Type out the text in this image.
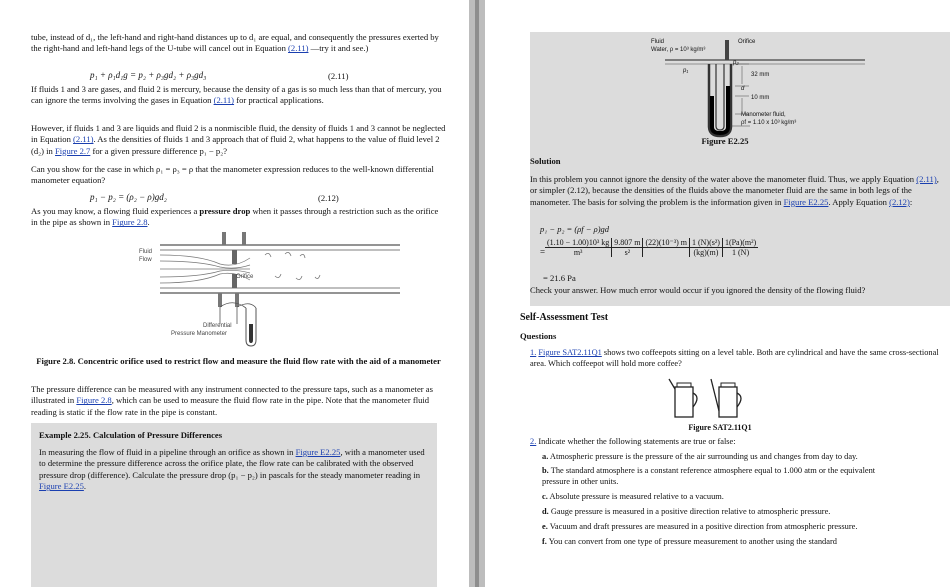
tube, instead of d₁, the left-hand and right-hand distances up to d₁ are equal, and consequently the pressures exerted by the right-hand and left-hand legs of the U-tube will cancel out in Equation (2.11) —try it and see.)
p₁ + ρ₁d₁g = p₂ + ρ₃gd₂ + ρ₃gd₃	(2.11)
If fluids 1 and 3 are gases, and fluid 2 is mercury, because the density of a gas is so much less than that of mercury, you can ignore the terms involving the gases in Equation (2.11) for practical applications.
However, if fluids 1 and 3 are liquids and fluid 2 is a nonmiscible fluid, the density of fluids 1 and 3 cannot be neglected in Equation (2.11). As the densities of fluids 1 and 3 approach that of fluid 2, what happens to the value of fluid level 2 (d₂) in Figure 2.7 for a given pressure difference p₁ − p₂?
Can you show for the case in which ρ₁ = ρ₃ = ρ that the manometer expression reduces to the well-known differential manometer equation?
p₁ − p₂ = (ρ₂ − ρ)gd₂	(2.12)
As you may know, a flowing fluid experiences a pressure drop when it passes through a restriction such as the orifice in the pipe as shown in Figure 2.8.
Fluid
Flow
Orifice
Differential
Pressure Manometer
Figure 2.8. Concentric orifice used to restrict flow and measure the fluid flow rate with the aid of a manometer
The pressure difference can be measured with any instrument connected to the pressure taps, such as a manometer as illustrated in Figure 2.8, which can be used to measure the fluid flow rate in the pipe. Note that the manometer fluid reading is static if the flow rate in the pipe is constant.
Example 2.25. Calculation of Pressure Differences
In measuring the flow of fluid in a pipeline through an orifice as shown in Figure E2.25, with a manometer used to determine the pressure difference across the orifice plate, the flow rate can be calibrated with the observed pressure drop (difference). Calculate the pressure drop (p₁ − p₂) in pascals for the steady manometer reading in Figure E2.25.
Fluid
Water, ρ = 10³ kg/m³
Orifice
p₁
p₂
32 mm
d
10 mm
Manometer fluid,
ρf = 1.10 x 10³ kg/m³
Figure E2.25
Solution
In this problem you cannot ignore the density of the water above the manometer fluid. Thus, we apply Equation (2.11), or simpler (2.12), because the densities of the fluids above the manometer fluid are the same in both legs of the manometer. The basis for solving the problem is the information given in Figure E2.25. Apply Equation (2.12):
p₁ − p₂ = (ρf − ρ)gd
=
(1.10 − 1.00)10³ kg	9.807 m	(22)(10⁻³) m	1 (N)(s²)	1(Pa)(m²)
m³	s²		(kg)(m)	1 (N)
= 21.6 Pa
Check your answer. How much error would occur if you ignored the density of the flowing fluid?
Self-Assessment Test
Questions
1. Figure SAT2.11Q1 shows two coffeepots sitting on a level table. Both are cylindrical and have the same cross-sectional area. Which coffeepot will hold more coffee?
Figure SAT2.11Q1
2. Indicate whether the following statements are true or false:
a. Atmospheric pressure is the pressure of the air surrounding us and changes from day to day.
b. The standard atmosphere is a constant reference atmosphere equal to 1.000 atm or the equivalent pressure in other units.
c. Absolute pressure is measured relative to a vacuum.
d. Gauge pressure is measured in a positive direction relative to atmospheric pressure.
e. Vacuum and draft pressures are measured in a positive direction from atmospheric pressure.
f. You can convert from one type of pressure measurement to another using the standard
